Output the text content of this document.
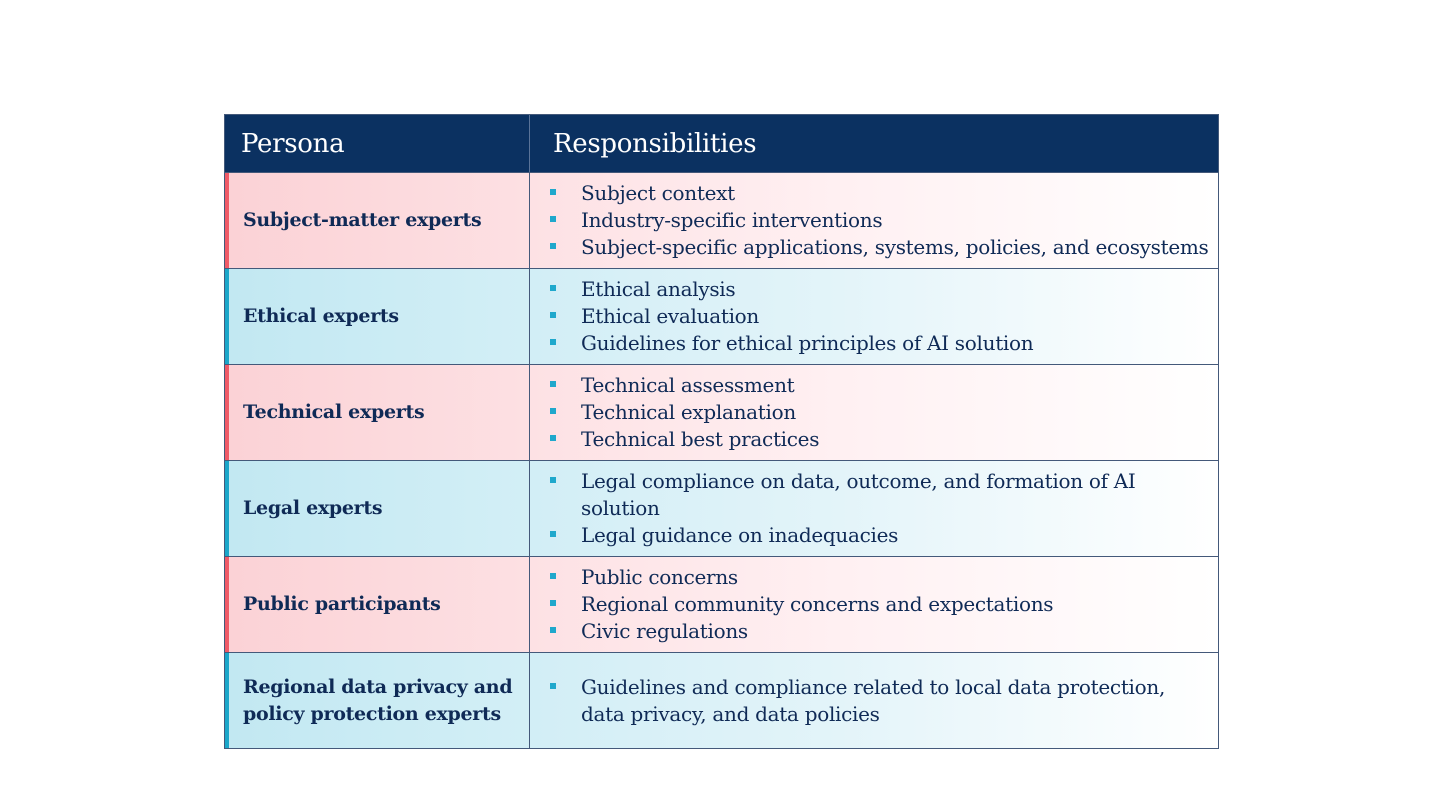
Persona	Responsibilities
Subject-matter experts
Subject context
Industry-specific interventions
Subject-specific applications, systems, policies, and ecosystems
Ethical experts
Ethical analysis
Ethical evaluation
Guidelines for ethical principles of AI solution
Technical experts
Technical assessment
Technical explanation
Technical best practices
Legal experts
Legal compliance on data, outcome, and formation of AI solution
Legal guidance on inadequacies
Public participants
Public concerns
Regional community concerns and expectations
Civic regulations
Regional data privacy and policy protection experts
Guidelines and compliance related to local data protection,
data privacy, and data policies
